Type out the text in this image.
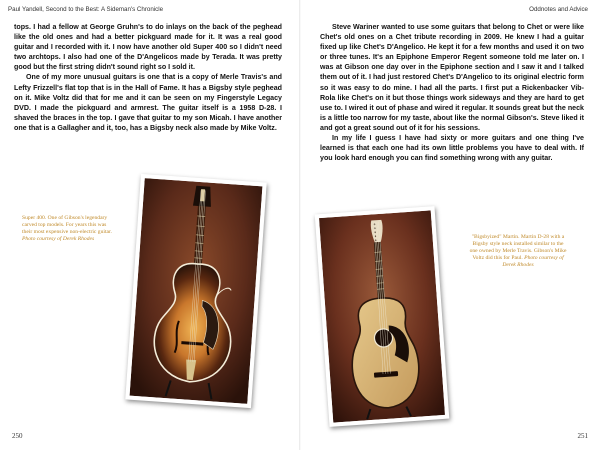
Paul Yandell, Second to the Best: A Sideman's Chronicle

tops. I had a fellow at George Gruhn's to do inlays on the back of the peghead like the old ones and had a better pickguard made for it. It was a real good guitar and I recorded with it. I now have another old Super 400 so I didn't need two archtops. I also had one of the D'Angelicos made by Terada. It was pretty good but the first string didn't sound right so I sold it.

One of my more unusual guitars is one that is a copy of Merle Travis's and Lefty Frizzell's flat top that is in the Hall of Fame. It has a Bigsby style peghead on it. Mike Voltz did that for me and it can be seen on my Fingerstyle Legacy DVD. I made the pickguard and armrest. The guitar itself is a 1958 D-28. I shaved the braces in the top. I gave that guitar to my son Micah. I have another one that is a Gallagher and it, too, has a Bigsby neck also made by Mike Voltz.

Super 400. One of Gibson's legendary carved top models. For years this was their most expensive non-electric guitar. Photo courtesy of Derek Rhodes
250
Oddnotes and Advice

Steve Wariner wanted to use some guitars that belong to Chet or were like Chet's old ones on a Chet tribute recording in 2009. He knew I had a guitar fixed up like Chet's D'Angelico. He kept it for a few months and used it on two or three tunes. It's an Epiphone Emperor Regent someone told me later on. I was at Gibson one day over in the Epiphone section and I saw it and I talked them out of it. I had just restored Chet's D'Angelico to its original electric form so it was easy to do mine. I had all the parts. I first put a Rickenbacker Vib-Rola like Chet's on it but those things work sideways and they are hard to get use to. I wired it out of phase and wired it regular. It sounds great but the neck is a little too narrow for my taste, about like the normal Gibson's. Steve liked it and got a great sound out of it for his sessions.

In my life I guess I have had sixty or more guitars and one thing I've learned is that each one had its own little problems you have to deal with. If you look hard enough you can find something wrong with any guitar.

"Bigsbyized" Martin. Martin D-28 with a Bigsby style neck installed similar to the one owned by Merle Travis. Gibson's Mike Voltz did this for Paul. Photo courtesy of Derek Rhodes
251
